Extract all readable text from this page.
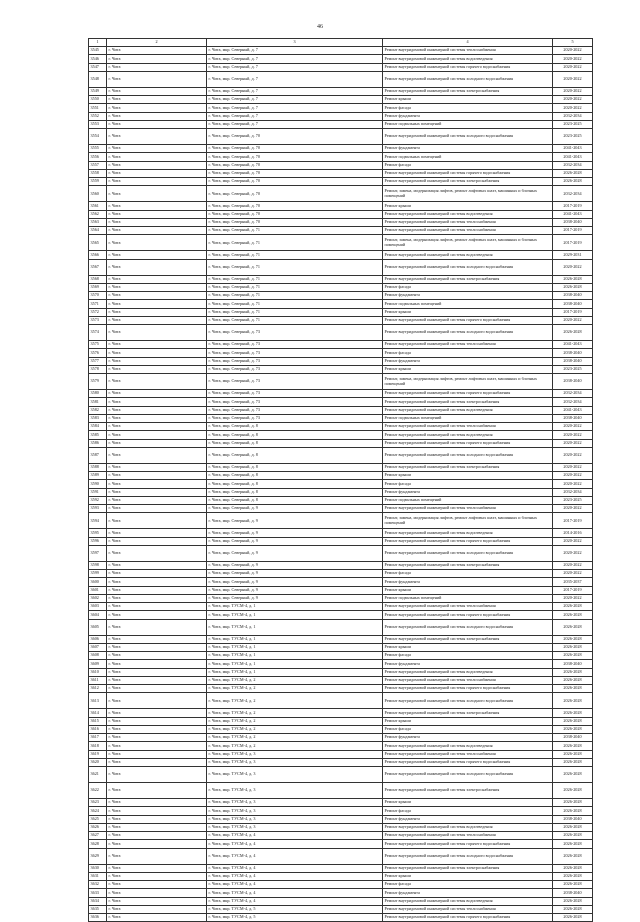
46
1	2	3	4	5
3545	г. Чита	г. Чита, мкр. Северный, д. 7	Ремонт внутридомовой инженерной системы теплоснабжения	2020-2022
3546	г. Чита	г. Чита, мкр. Северный, д. 7	Ремонт внутридомовой инженерной системы водоотведения	2020-2022
3547	г. Чита	г. Чита, мкр. Северный, д. 7	Ремонт внутридомовой инженерной системы горячего водоснабжения	2020-2022
3548	г. Чита	г. Чита, мкр. Северный, д. 7	Ремонт внутридомовой инженерной системы холодного водоснабжения	2020-2022
3549	г. Чита	г. Чита, мкр. Северный, д. 7	Ремонт внутридомовой инженерной системы электроснабжения	2020-2022
3550	г. Чита	г. Чита, мкр. Северный, д. 7	Ремонт крыши	2020-2022
3551	г. Чита	г. Чита, мкр. Северный, д. 7	Ремонт фасада	2020-2022
3552	г. Чита	г. Чита, мкр. Северный, д. 7	Ремонт фундамента	2032-2034
3553	г. Чита	г. Чита, мкр. Северный, д. 7	Ремонт подвальных помещений	2023-2025
3554	г. Чита	г. Чита, мкр. Северный, д. 70	Ремонт внутридомовой инженерной системы холодного водоснабжения	2023-2025
3555	г. Чита	г. Чита, мкр. Северный, д. 70	Ремонт фундамента	2041-2043
3556	г. Чита	г. Чита, мкр. Северный, д. 70	Ремонт подвальных помещений	2041-2043
3557	г. Чита	г. Чита, мкр. Северный, д. 70	Ремонт фасада	2032-2034
3558	г. Чита	г. Чита, мкр. Северный, д. 70	Ремонт внутридомовой инженерной системы горячего водоснабжения	2026-2028
3559	г. Чита	г. Чита, мкр. Северный, д. 70	Ремонт внутридомовой инженерной системы электроснабжения	2026-2028
3560	г. Чита	г. Чита, мкр. Северный, д. 70	Ремонт, замена, модернизация лифтов, ремонт лифтовых шахт, машинных и блочных помещений	2032-2034
3561	г. Чита	г. Чита, мкр. Северный, д. 70	Ремонт крыши	2017-2019
3562	г. Чита	г. Чита, мкр. Северный, д. 70	Ремонт внутридомовой инженерной системы водоотведения	2041-2043
3563	г. Чита	г. Чита, мкр. Северный, д. 70	Ремонт внутридомовой инженерной системы теплоснабжения	2038-2040
3564	г. Чита	г. Чита, мкр. Северный, д. 71	Ремонт внутридомовой инженерной системы теплоснабжения	2017-2019
3565	г. Чита	г. Чита, мкр. Северный, д. 71	Ремонт, замена, модернизация лифтов, ремонт лифтовых шахт, машинных и блочных помещений	2017-2019
3566	г. Чита	г. Чита, мкр. Северный, д. 71	Ремонт внутридомовой инженерной системы водоотведения	2029-2031
3567	г. Чита	г. Чита, мкр. Северный, д. 71	Ремонт внутридомовой инженерной системы холодного водоснабжения	2020-2022
3568	г. Чита	г. Чита, мкр. Северный, д. 71	Ремонт внутридомовой инженерной системы электроснабжения	2026-2028
3569	г. Чита	г. Чита, мкр. Северный, д. 71	Ремонт фасада	2026-2028
3570	г. Чита	г. Чита, мкр. Северный, д. 71	Ремонт фундамента	2038-2040
3571	г. Чита	г. Чита, мкр. Северный, д. 71	Ремонт подвальных помещений	2038-2040
3572	г. Чита	г. Чита, мкр. Северный, д. 71	Ремонт крыши	2017-2019
3573	г. Чита	г. Чита, мкр. Северный, д. 71	Ремонт внутридомовой инженерной системы горячего водоснабжения	2020-2022
3574	г. Чита	г. Чита, мкр. Северный, д. 73	Ремонт внутридомовой инженерной системы холодного водоснабжения	2026-2028
3575	г. Чита	г. Чита, мкр. Северный, д. 73	Ремонт внутридомовой инженерной системы теплоснабжения	2041-2043
3576	г. Чита	г. Чита, мкр. Северный, д. 73	Ремонт фасада	2038-2040
3577	г. Чита	г. Чита, мкр. Северный, д. 73	Ремонт фундамента	2038-2040
3578	г. Чита	г. Чита, мкр. Северный, д. 73	Ремонт крыши	2023-2025
3579	г. Чита	г. Чита, мкр. Северный, д. 73	Ремонт, замена, модернизация лифтов, ремонт лифтовых шахт, машинных и блочных помещений	2038-2040
3580	г. Чита	г. Чита, мкр. Северный, д. 73	Ремонт внутридомовой инженерной системы горячего водоснабжения	2032-2034
3581	г. Чита	г. Чита, мкр. Северный, д. 73	Ремонт внутридомовой инженерной системы электроснабжения	2032-2034
3582	г. Чита	г. Чита, мкр. Северный, д. 73	Ремонт внутридомовой инженерной системы водоотведения	2041-2043
3583	г. Чита	г. Чита, мкр. Северный, д. 73	Ремонт подвальных помещений	2038-2040
3584	г. Чита	г. Чита, мкр. Северный, д. 8	Ремонт внутридомовой инженерной системы теплоснабжения	2020-2022
3585	г. Чита	г. Чита, мкр. Северный, д. 8	Ремонт внутридомовой инженерной системы водоотведения	2020-2022
3586	г. Чита	г. Чита, мкр. Северный, д. 8	Ремонт внутридомовой инженерной системы горячего водоснабжения	2020-2022
3587	г. Чита	г. Чита, мкр. Северный, д. 8	Ремонт внутридомовой инженерной системы холодного водоснабжения	2020-2022
3588	г. Чита	г. Чита, мкр. Северный, д. 8	Ремонт внутридомовой инженерной системы электроснабжения	2020-2022
3589	г. Чита	г. Чита, мкр. Северный, д. 8	Ремонт крыши	2020-2022
3590	г. Чита	г. Чита, мкр. Северный, д. 8	Ремонт фасада	2020-2022
3591	г. Чита	г. Чита, мкр. Северный, д. 8	Ремонт фундамента	2032-2034
3592	г. Чита	г. Чита, мкр. Северный, д. 8	Ремонт подвальных помещений	2023-2025
3593	г. Чита	г. Чита, мкр. Северный, д. 9	Ремонт внутридомовой инженерной системы теплоснабжения	2020-2022
3594	г. Чита	г. Чита, мкр. Северный, д. 9	Ремонт, замена, модернизация лифтов, ремонт лифтовых шахт, машинных и блочных помещений	2017-2019
3595	г. Чита	г. Чита, мкр. Северный, д. 9	Ремонт внутридомовой инженерной системы водоотведения	2014-2016
3596	г. Чита	г. Чита, мкр. Северный, д. 9	Ремонт внутридомовой инженерной системы горячего водоснабжения	2020-2022
3597	г. Чита	г. Чита, мкр. Северный, д. 9	Ремонт внутридомовой инженерной системы холодного водоснабжения	2020-2022
3598	г. Чита	г. Чита, мкр. Северный, д. 9	Ремонт внутридомовой инженерной системы электроснабжения	2020-2022
3599	г. Чита	г. Чита, мкр. Северный, д. 9	Ремонт фасада	2020-2022
3600	г. Чита	г. Чита, мкр. Северный, д. 9	Ремонт фундамента	2035-2037
3601	г. Чита	г. Чита, мкр. Северный, д. 9	Ремонт крыши	2017-2019
3602	г. Чита	г. Чита, мкр. Северный, д. 9	Ремонт подвальных помещений	2020-2022
3603	г. Чита	г. Чита, мкр. ТУСМ-4, д. 1	Ремонт внутридомовой инженерной системы теплоснабжения	2026-2028
3604	г. Чита	г. Чита, мкр. ТУСМ-4, д. 1	Ремонт внутридомовой инженерной системы горячего водоснабжения	2026-2028
3605	г. Чита	г. Чита, мкр. ТУСМ-4, д. 1	Ремонт внутридомовой инженерной системы холодного водоснабжения	2026-2028
3606	г. Чита	г. Чита, мкр. ТУСМ-4, д. 1	Ремонт внутридомовой инженерной системы электроснабжения	2026-2028
3607	г. Чита	г. Чита, мкр. ТУСМ-4, д. 1	Ремонт крыши	2026-2028
3608	г. Чита	г. Чита, мкр. ТУСМ-4, д. 1	Ремонт фасада	2026-2028
3609	г. Чита	г. Чита, мкр. ТУСМ-4, д. 1	Ремонт фундамента	2038-2040
3610	г. Чита	г. Чита, мкр. ТУСМ-4, д. 1	Ремонт внутридомовой инженерной системы водоотведения	2026-2028
3611	г. Чита	г. Чита, мкр. ТУСМ-4, д. 2	Ремонт внутридомовой инженерной системы теплоснабжения	2026-2028
3612	г. Чита	г. Чита, мкр. ТУСМ-4, д. 2	Ремонт внутридомовой инженерной системы горячего водоснабжения	2026-2028
3613	г. Чита	г. Чита, мкр. ТУСМ-4, д. 2	Ремонт внутридомовой инженерной системы холодного водоснабжения	2026-2028
3614	г. Чита	г. Чита, мкр. ТУСМ-4, д. 2	Ремонт внутридомовой инженерной системы электроснабжения	2026-2028
3615	г. Чита	г. Чита, мкр. ТУСМ-4, д. 2	Ремонт крыши	2026-2028
3616	г. Чита	г. Чита, мкр. ТУСМ-4, д. 2	Ремонт фасада	2026-2028
3617	г. Чита	г. Чита, мкр. ТУСМ-4, д. 2	Ремонт фундамента	2038-2040
3618	г. Чита	г. Чита, мкр. ТУСМ-4, д. 2	Ремонт внутридомовой инженерной системы водоотведения	2026-2028
3619	г. Чита	г. Чита, мкр. ТУСМ-4, д. 3	Ремонт внутридомовой инженерной системы теплоснабжения	2026-2028
3620	г. Чита	г. Чита, мкр. ТУСМ-4, д. 3	Ремонт внутридомовой инженерной системы горячего водоснабжения	2026-2028
3621	г. Чита	г. Чита, мкр. ТУСМ-4, д. 3	Ремонт внутридомовой инженерной системы холодного водоснабжения	2026-2028
3622	г. Чита	г. Чита, мкр. ТУСМ-4, д. 3	Ремонт внутридомовой инженерной системы электроснабжения	2026-2028
3623	г. Чита	г. Чита, мкр. ТУСМ-4, д. 3	Ремонт крыши	2026-2028
3624	г. Чита	г. Чита, мкр. ТУСМ-4, д. 3	Ремонт фасада	2026-2028
3625	г. Чита	г. Чита, мкр. ТУСМ-4, д. 3	Ремонт фундамента	2038-2040
3626	г. Чита	г. Чита, мкр. ТУСМ-4, д. 3	Ремонт внутридомовой инженерной системы водоотведения	2026-2028
3627	г. Чита	г. Чита, мкр. ТУСМ-4, д. 4	Ремонт внутридомовой инженерной системы теплоснабжения	2026-2028
3628	г. Чита	г. Чита, мкр. ТУСМ-4, д. 4	Ремонт внутридомовой инженерной системы горячего водоснабжения	2026-2028
3629	г. Чита	г. Чита, мкр. ТУСМ-4, д. 4	Ремонт внутридомовой инженерной системы холодного водоснабжения	2026-2028
3630	г. Чита	г. Чита, мкр. ТУСМ-4, д. 4	Ремонт внутридомовой инженерной системы электроснабжения	2026-2028
3631	г. Чита	г. Чита, мкр. ТУСМ-4, д. 4	Ремонт крыши	2026-2028
3632	г. Чита	г. Чита, мкр. ТУСМ-4, д. 4	Ремонт фасада	2026-2028
3633	г. Чита	г. Чита, мкр. ТУСМ-4, д. 4	Ремонт фундамента	2038-2040
3634	г. Чита	г. Чита, мкр. ТУСМ-4, д. 4	Ремонт внутридомовой инженерной системы водоотведения	2026-2028
3635	г. Чита	г. Чита, мкр. ТУСМ-4, д. 5	Ремонт внутридомовой инженерной системы теплоснабжения	2026-2028
3636	г. Чита	г. Чита, мкр. ТУСМ-4, д. 5	Ремонт внутридомовой инженерной системы горячего водоснабжения	2026-2028
